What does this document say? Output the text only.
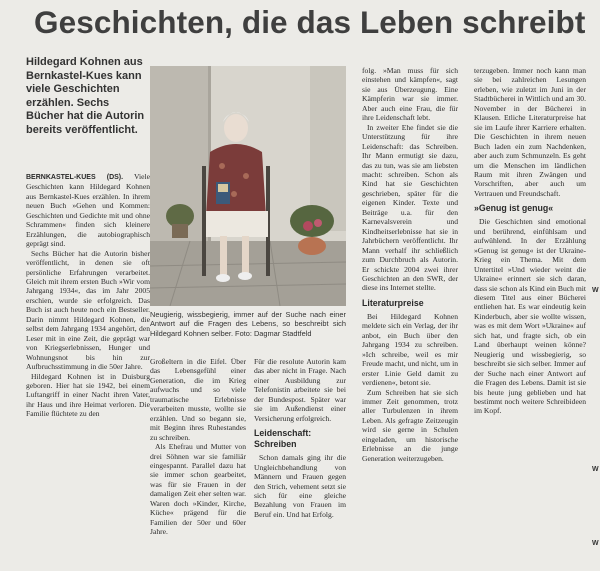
Geschichten, die das Leben schreibt
Hildegard Kohnen aus Bernkastel-Kues kann viele Geschichten erzählen. Sechs Bücher hat die Autorin bereits veröffentlicht.

BERNKASTEL-KUES (DS). Viele Geschichten kann Hildegard Kohnen aus Bernkastel-Kues erzählen. In ihrem neuen Buch »Gehen und Kommen: Geschichten und Gedichte mit und ohne Schrammen« finden sich kleinere Erzählungen, die autobiographisch geprägt sind.

Sechs Bücher hat die Autorin bisher veröffentlicht, in denen sie oft persönliche Erfahrungen verarbeitet. Gleich mit ihrem ersten Buch »Wir vom Jahrgang 1934«, das im Jahr 2005 erschien, wurde sie erfolgreich. Das Buch ist auch heute noch ein Bestseller. Darin nimmt Hildegard Kohnen, die selbst dem Jahrgang 1934 angehört, den Leser mit in eine Zeit, die geprägt war von Kriegserlebnissen, Hunger und Wohnungsnot bis hin zur Aufbruchsstimmung in die 50er Jahre.

Hildegard Kohnen ist in Duisburg geboren. Hier hat sie 1942, bei einem Luftangriff in einer Nacht ihren Vater, ihr Haus und ihre Heimat verloren. Die Familie flüchtete zu den

Neugierig, wissbegierig, immer auf der Suche nach einer Antwort auf die Fragen des Lebens, so beschreibt sich Hildegard Kohnen selber. Foto: Dagmar Stadtfeld

Großeltern in die Eifel. Über das Lebensgefühl einer Generation, die im Krieg aufwuchs und so viele traumatische Erlebnisse verarbeiten musste, wollte sie erzählen. Und so begann sie, mit Beginn ihres Ruhestandes zu schreiben.

Als Ehefrau und Mutter von drei Söhnen war sie familiär eingespannt. Parallel dazu hat sie immer schon gearbeitet, was für sie Frauen in der damaligen Zeit eher selten war. Waren doch »Kinder, Kirche, Küche« prägend für die Familien der 50er und 60er Jahre.

Für die resolute Autorin kam das aber nicht in Frage. Nach einer Ausbildung zur Telefonistin arbeitete sie bei der Bundespost. Später war sie im Außendienst einer Versicherung erfolgreich.

Leidenschaft: Schreiben

Schon damals ging ihr die Ungleichbehandlung von Männern und Frauen gegen den Strich, vehement setzt sie sich für eine gleiche Bezahlung von Frauen im Beruf ein. Und hat Erfolg.

folg. »Man muss für sich einstehen und kämpfen«, sagt sie aus Überzeugung. Eine Kämpferin war sie immer. Aber auch eine Frau, die für ihre Leidenschaft lebt.

In zweiter Ehe findet sie die Unterstützung für ihre Leidenschaft: das Schreiben. Ihr Mann ermutigt sie dazu, das zu tun, was sie am liebsten macht: schreiben. Schon als Kind hat sie Geschichten geschrieben, später für die eigenen Kinder. Texte und Beiträge u.a. für den Karnevalsverein und Kindheitserlebnisse hat sie in Jahrbüchern veröffentlicht. Ihr Mann verhalf ihr schließlich zum Durchbruch als Autorin. Er schickte 2004 zwei ihrer Geschichten an den SWR, der diese ins Internet stellte.

Literaturpreise

Bei Hildegard Kohnen meldete sich ein Verlag, der ihr anbot, ein Buch über den Jahrgang 1934 zu schreiben. »Ich schreibe, weil es mir Freude macht, und nicht, um in erster Linie Geld damit zu verdienen«, betont sie.

Zum Schreiben hat sie sich immer Zeit genommen, trotz aller Turbulenzen in ihrem Leben. Als gefragte Zeitzeugin wird sie gerne in Schulen eingeladen, um historische Erlebnisse an die junge Generation weiterzugeben.

terzugeben. Immer noch kann man sie bei zahlreichen Lesungen erleben, wie zuletzt im Juni in der Stadtbücherei in Wittlich und am 30. November in der Bücherei in Klausen. Etliche Literaturpreise hat sie im Laufe ihrer Karriere erhalten. Die Geschichten in ihrem neuen Buch laden ein zum Nachdenken, aber auch zum Schmunzeln. Es geht um die Menschen im ländlichen Raum mit ihren Zwängen und Vorschriften, aber auch um Vertrauen und Freundschaft.

»Genug ist genug«

Die Geschichten sind emotional und berührend, einfühlsam und aufwühlend. In der Erzählung »Genug ist genug« ist der Ukraine-Krieg ein Thema. Mit dem Untertitel »Und wieder weint die Ukraine« erinnert sie sich daran, dass sie schon als Kind ein Buch mit diesem Titel aus einer Bücherei entliehen hat. Es war eindeutig kein Kinderbuch, aber sie wollte wissen, was es mit dem Wort »Ukraine« auf sich hat, und fragte sich, ob ein Land überhaupt weinen könne? Neugierig und wissbegierig, so beschreibt sie sich selber. Immer auf der Suche nach einer Antwort auf die Fragen des Lebens. Damit ist sie bis heute jung geblieben und hat bestimmt noch weitere Schreibideen im Kopf.

W
W
W
